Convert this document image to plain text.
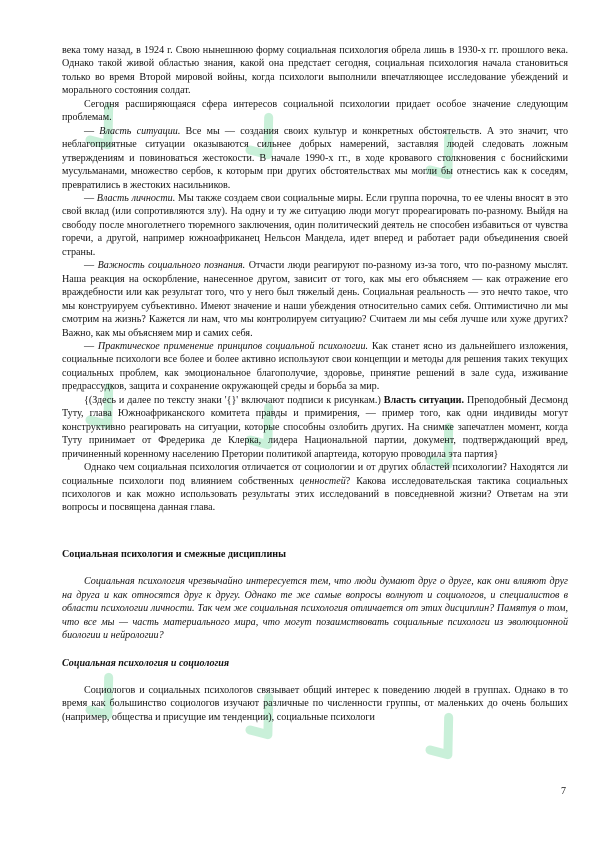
века тому назад, в 1924 г. Свою нынешнюю форму социальная психология обрела лишь в 1930-х гг. прошлого века. Однако такой живой областью знания, какой она предстает сегодня, социальная психология начала становиться только во время Второй мировой войны, когда психологи выполнили впечатляющее исследование убеждений и морального состояния солдат.

Сегодня расширяющаяся сфера интересов социальной психологии придает особое значение следующим проблемам.

— Власть ситуации. Все мы — создания своих культур и конкретных обстоятельств. А это значит, что неблагоприятные ситуации оказываются сильнее добрых намерений, заставляя людей следовать ложным утверждениям и повиноваться жестокости. В начале 1990-х гг., в ходе кровавого столкновения с боснийскими мусульманами, множество сербов, к которым при других обстоятельствах мы могли бы отнестись как к соседям, превратились в жестоких насильников.

— Власть личности. Мы также создаем свои социальные миры. Если группа порочна, то ее члены вносят в это свой вклад (или сопротивляются злу). На одну и ту же ситуацию люди могут прореагировать по-разному. Выйдя на свободу после многолетнего тюремного заключения, один политический деятель не способен избавиться от чувства горечи, а другой, например южноафриканец Нельсон Мандела, идет вперед и работает ради объединения своей страны.

— Важность социального познания. Отчасти люди реагируют по-разному из-за того, что по-разному мыслят. Наша реакция на оскорбление, нанесенное другом, зависит от того, как мы его объясняем — как отражение его враждебности или как результат того, что у него был тяжелый день. Социальная реальность — это нечто такое, что мы конструируем субъективно. Имеют значение и наши убеждения относительно самих себя. Оптимистично ли мы смотрим на жизнь? Кажется ли нам, что мы контролируем ситуацию? Считаем ли мы себя лучше или хуже других? Важно, как мы объясняем мир и самих себя.

— Практическое применение принципов социальной психологии. Как станет ясно из дальнейшего изложения, социальные психологи все более и более активно используют свои концепции и методы для решения таких текущих социальных проблем, как эмоциональное благополучие, здоровье, принятие решений в зале суда, изживание предрассудков, защита и сохранение окружающей среды и борьба за мир.

{(Здесь и далее по тексту знаки '{}' включают подписи к рисункам.) Власть ситуации. Преподобный Десмонд Туту, глава Южноафриканского комитета правды и примирения, — пример того, как одни индивиды могут конструктивно реагировать на ситуации, которые способны озлобить других. На снимке запечатлен момент, когда Туту принимает от Фредерика де Клерка, лидера Национальной партии, документ, подтверждающий вред, причиненный коренному населению Претории политикой апартеида, которую проводила эта партия}

Однако чем социальная психология отличается от социологии и от других областей психологии? Находятся ли социальные психологи под влиянием собственных ценностей? Какова исследовательская тактика социальных психологов и как можно использовать результаты этих исследований в повседневной жизни? Ответам на эти вопросы и посвящена данная глава.

Социальная психология и смежные дисциплины

Социальная психология чрезвычайно интересуется тем, что люди думают друг о друге, как они влияют друг на друга и как относятся друг к другу. Однако те же самые вопросы волнуют и социологов, и специалистов в области психологии личности. Так чем же социальная психология отличается от этих дисциплин? Памятуя о том, что все мы — часть материального мира, что могут позаимствовать социальные психологи из эволюционной биологии и нейрологии?

Социальная психология и социология

Социологов и социальных психологов связывает общий интерес к поведению людей в группах. Однако в то время как большинство социологов изучают различные по численности группы, от маленьких до очень больших (например, общества и присущие им тенденции), социальные психологи

7
